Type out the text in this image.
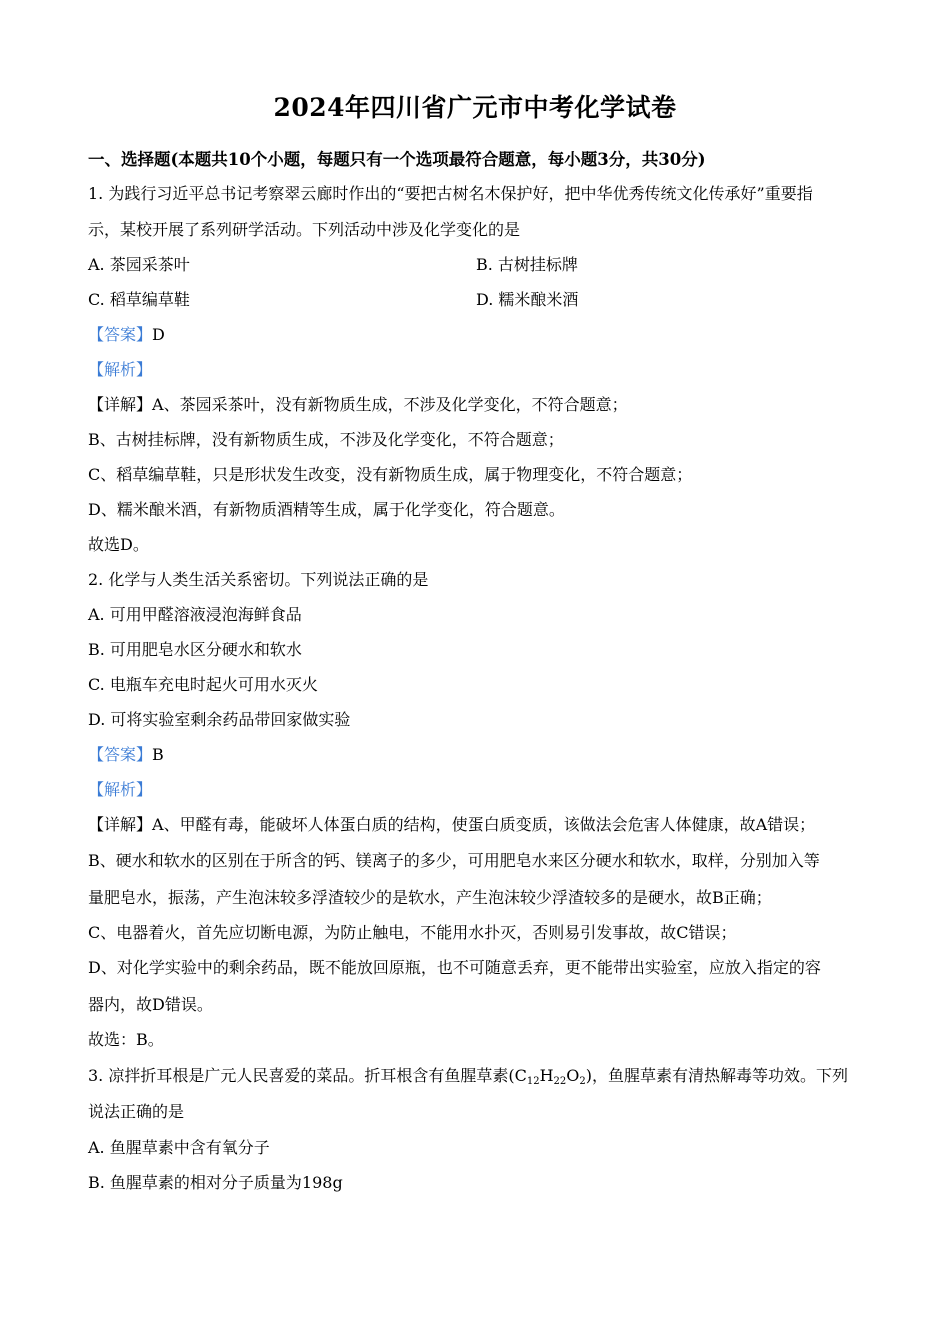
2024年四川省广元市中考化学试卷
一、选择题(本题共10个小题，每题只有一个选项最符合题意，每小题3分，共30分)
1. 为践行习近平总书记考察翠云廊时作出的“要把古树名木保护好，把中华优秀传统文化传承好”重要指
示，某校开展了系列研学活动。下列活动中涉及化学变化的是
A. 茶园采茶叶	B. 古树挂标牌
C. 稻草编草鞋	D. 糯米酿米酒
【答案】D
【解析】
【详解】A、茶园采茶叶，没有新物质生成，不涉及化学变化，不符合题意；
B、古树挂标牌，没有新物质生成，不涉及化学变化，不符合题意；
C、稻草编草鞋，只是形状发生改变，没有新物质生成，属于物理变化，不符合题意；
D、糯米酿米酒，有新物质酒精等生成，属于化学变化，符合题意。
故选D。
2. 化学与人类生活关系密切。下列说法正确的是
A. 可用甲醛溶液浸泡海鲜食品
B. 可用肥皂水区分硬水和软水
C. 电瓶车充电时起火可用水灭火
D. 可将实验室剩余药品带回家做实验
【答案】B
【解析】
【详解】A、甲醛有毒，能破坏人体蛋白质的结构，使蛋白质变质，该做法会危害人体健康，故A错误；
B、硬水和软水的区别在于所含的钙、镁离子的多少，可用肥皂水来区分硬水和软水，取样，分别加入等
量肥皂水，振荡，产生泡沫较多浮渣较少的是软水，产生泡沫较少浮渣较多的是硬水，故B正确；
C、电器着火，首先应切断电源，为防止触电，不能用水扑灭，否则易引发事故，故C错误；
D、对化学实验中的剩余药品，既不能放回原瓶，也不可随意丢弃，更不能带出实验室，应放入指定的容
器内，故D错误。
故选：B。
3. 凉拌折耳根是广元人民喜爱的菜品。折耳根含有鱼腥草素$(C_{12}H_{22}O_2)$，鱼腥草素有清热解毒等功效。下列
说法正确的是
A. 鱼腥草素中含有氧分子
B. 鱼腥草素的相对分子质量为198g
